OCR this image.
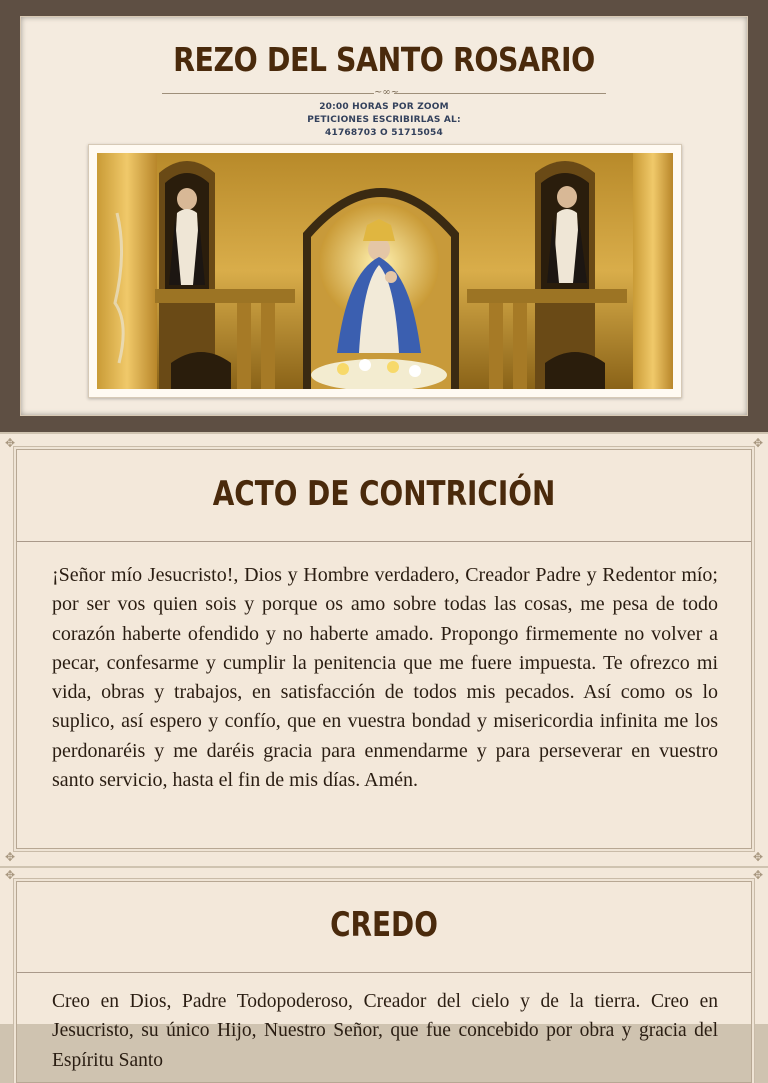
REZO DEL SANTO ROSARIO
~∞~
20:00 HORAS POR ZOOM
PETICIONES ESCRIBIRLAS AL:
41768703 O 51715054
✥	✥
✥	✥
ACTO DE CONTRICIÓN
¡Señor mío Jesucristo!, Dios y Hombre verdadero, Creador Padre y Redentor mío; por ser vos quien sois y porque os amo sobre todas las cosas, me pesa de todo corazón haberte ofendido y no haberte amado. Propongo firmemente no volver a pecar, confesarme y cumplir la penitencia que me fuere impuesta. Te ofrezco mi vida, obras y trabajos, en satisfacción de todos mis pecados. Así como os lo suplico, así espero y confío, que en vuestra bondad y misericordia infinita me los perdonaréis y me daréis gracia para enmendarme y para perseverar en vuestro santo servicio, hasta el fin de mis días. Amén.
✥	✥
CREDO
Creo en Dios, Padre Todopoderoso, Creador del cielo y de la tierra. Creo en Jesucristo, su único Hijo, Nuestro Señor, que fue concebido por obra y gracia del Espíritu Santo
